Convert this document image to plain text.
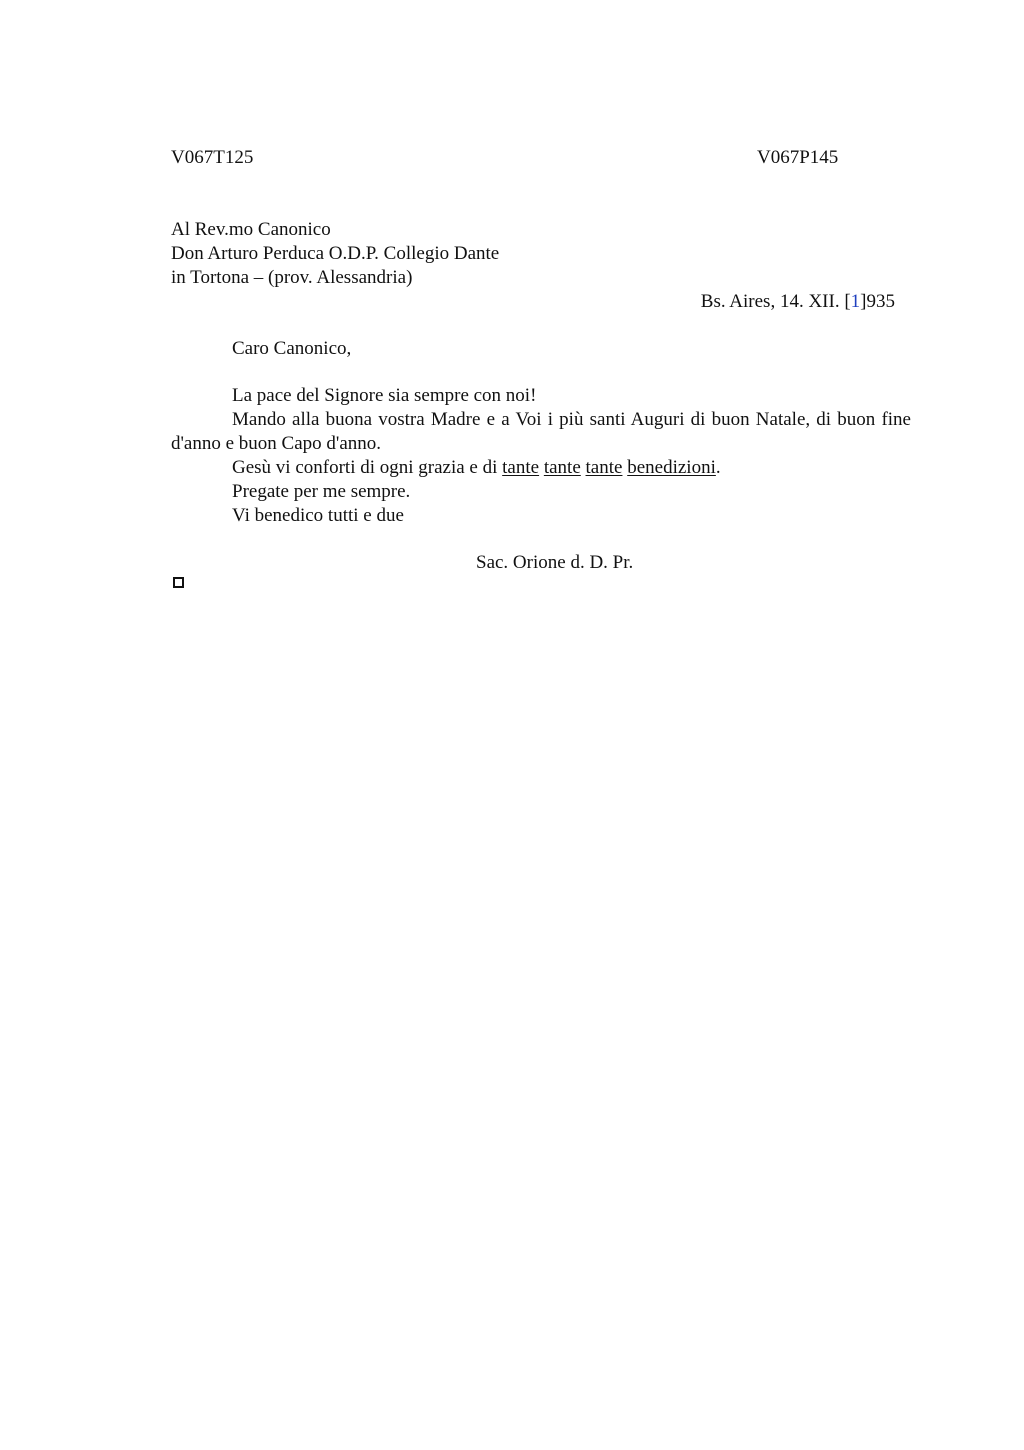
V067T125	V067P145
Al Rev.mo Canonico
Don Arturo Perduca O.D.P. Collegio Dante
in Tortona – (prov. Alessandria)
Bs. Aires, 14. XII. [1]935
Caro Canonico,

La pace del Signore sia sempre con noi!

Mando alla buona vostra Madre e a Voi i più santi Auguri di buon Natale, di buon fine d'anno e buon Capo d'anno.

Gesù vi conforti di ogni grazia e di tante tante tante benedizioni.

Pregate per me sempre.

Vi benedico tutti e due

Sac. Orione d. D. Pr.
